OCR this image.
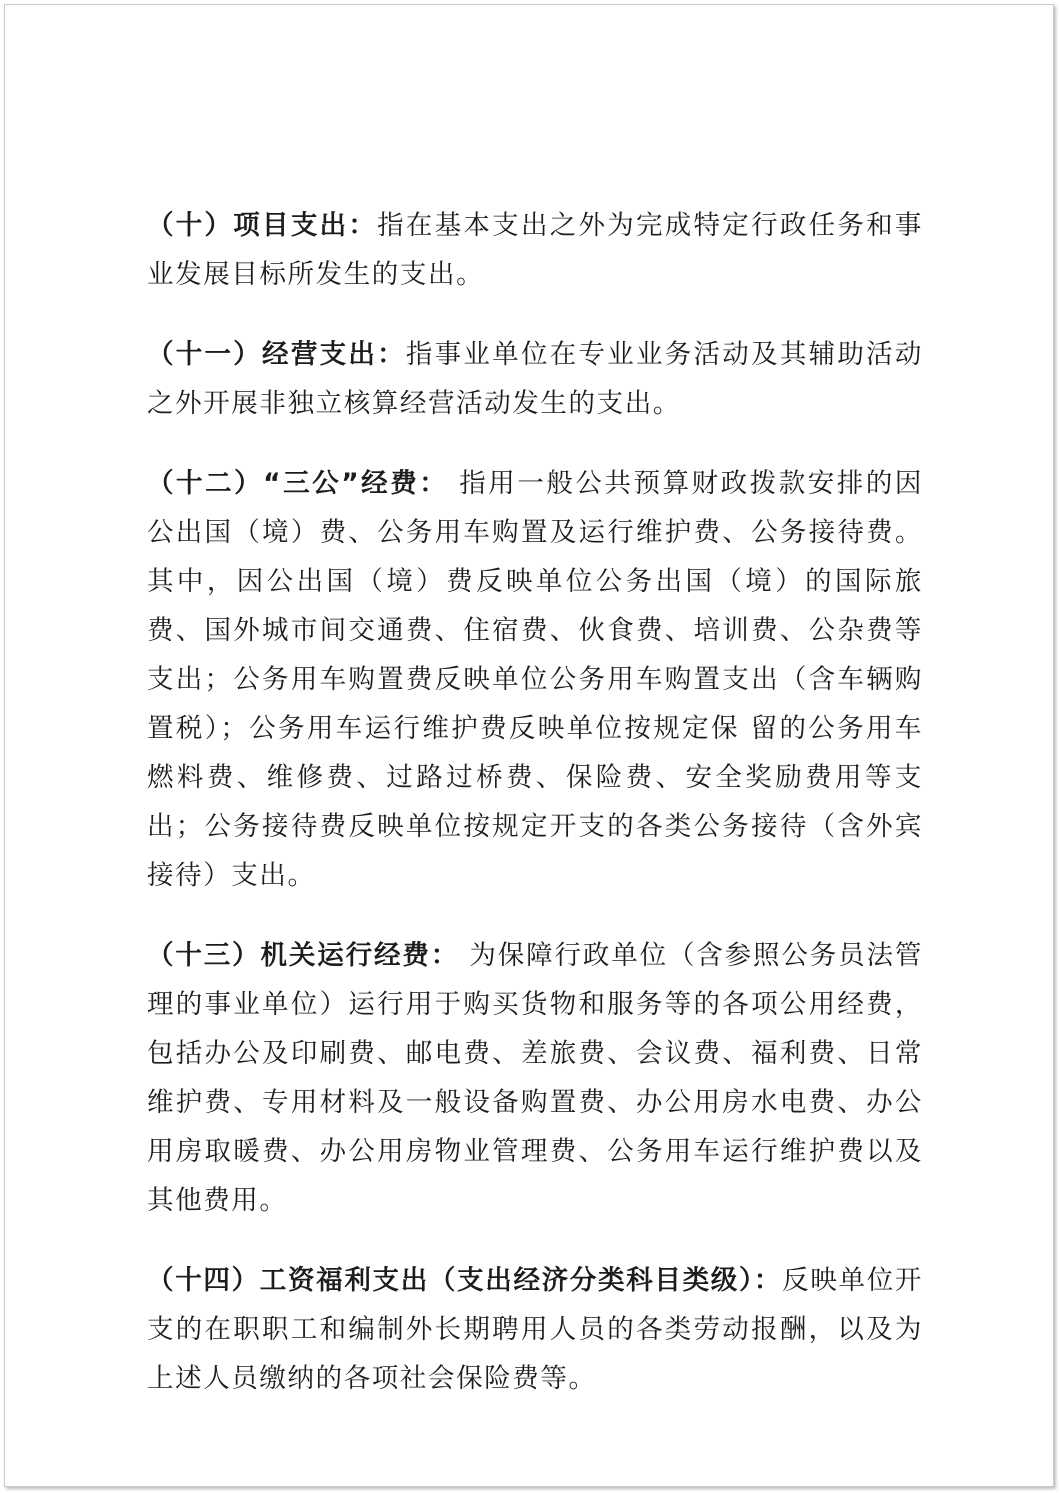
（十）项目支出：指在基本支出之外为完成特定行政任务和事业发展目标所发生的支出。

（十一）经营支出：指事业单位在专业业务活动及其辅助活动之外开展非独立核算经营活动发生的支出。

（十二）“三公”经费： 指用一般公共预算财政拨款安排的因公出国（境）费、公务用车购置及运行维护费、公务接待费。其中，因公出国（境）费反映单位公务出国（境）的国际旅费、国外城市间交通费、住宿费、伙食费、培训费、公杂费等支出；公务用车购置费反映单位公务用车购置支出（含车辆购置税）；公务用车运行维护费反映单位按规定保 留的公务用车燃料费、维修费、过路过桥费、保险费、安全奖励费用等支出；公务接待费反映单位按规定开支的各类公务接待（含外宾接待）支出。

（十三）机关运行经费： 为保障行政单位（含参照公务员法管理的事业单位）运行用于购买货物和服务等的各项公用经费，包括办公及印刷费、邮电费、差旅费、会议费、福利费、日常维护费、专用材料及一般设备购置费、办公用房水电费、办公用房取暖费、办公用房物业管理费、公务用车运行维护费以及其他费用。

（十四）工资福利支出（支出经济分类科目类级）：反映单位开支的在职职工和编制外长期聘用人员的各类劳动报酬，以及为上述人员缴纳的各项社会保险费等。
